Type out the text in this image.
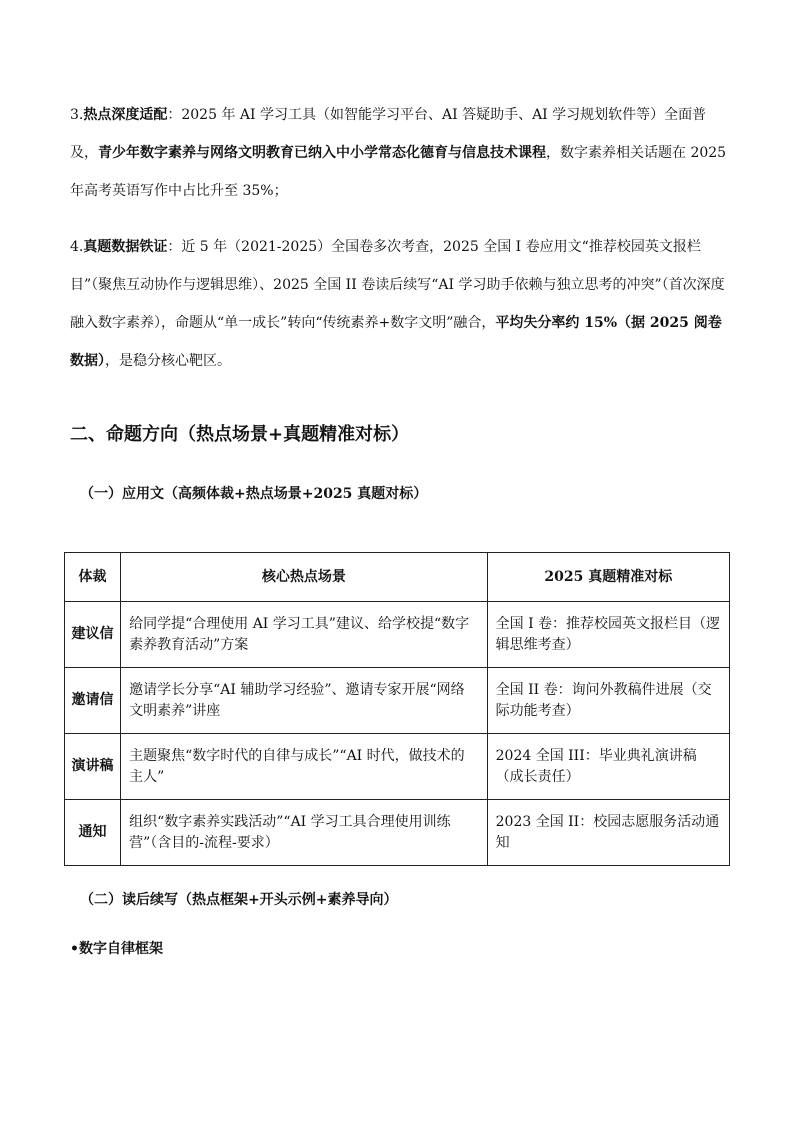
3.热点深度适配：2025 年 AI 学习工具（如智能学习平台、AI 答疑助手、AI 学习规划软件等）全面普及，青少年数字素养与网络文明教育已纳入中小学常态化德育与信息技术课程，数字素养相关话题在 2025 年高考英语写作中占比升至 35%；

4.真题数据铁证：近 5 年（2021-2025）全国卷多次考查，2025 全国 I 卷应用文“推荐校园英文报栏目”（聚焦互动协作与逻辑思维）、2025 全国 II 卷读后续写“AI 学习助手依赖与独立思考的冲突”（首次深度融入数字素养），命题从“单一成长”转向“传统素养+数字文明”融合，平均失分率约 15%（据 2025 阅卷数据），是稳分核心靶区。

二、命题方向（热点场景+真题精准对标）
（一）应用文（高频体裁+热点场景+2025 真题对标）
体裁	核心热点场景	2025 真题精准对标
建议信	给同学提“合理使用 AI 学习工具”建议、给学校提“数字素养教育活动”方案	全国 I 卷：推荐校园英文报栏目（逻辑思维考查）
邀请信	邀请学长分享“AI 辅助学习经验”、邀请专家开展“网络文明素养”讲座	全国 II 卷：询问外教稿件进展（交际功能考查）
演讲稿	主题聚焦“数字时代的自律与成长”“AI 时代，做技术的主人”	2024 全国 III：毕业典礼演讲稿（成长责任）
通知	组织“数字素养实践活动”“AI 学习工具合理使用训练营”（含目的-流程-要求）	2023 全国 II：校园志愿服务活动通知
（二）读后续写（热点框架+开头示例+素养导向）

•数字自律框架
